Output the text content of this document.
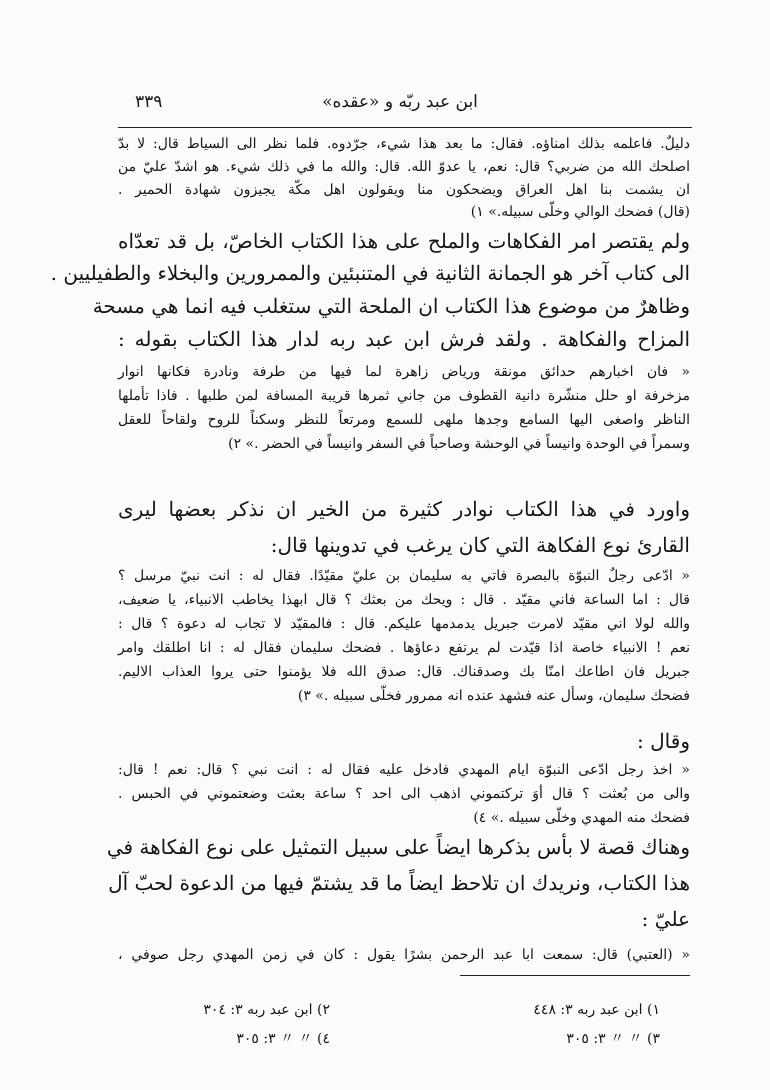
ابن عبد ربّه و «عقده»
٣٣٩
دليلٌ. فاعلمه بذلك امناؤه. فقال: ما بعد هذا شيء، جرّدوه. فلما نظر الى السياط قال: لا بدّ
اصلحك الله من ضربي؟ قال: نعم، يا عدوّ الله. قال: والله ما في ذلك شيء. هو اشدّ عليّ من
ان يشمت بنا اهل العراق ويضحكون منا ويقولون اهل مكّة يجيزون شهادة الحمير .
(قال) فضحك الوالي وخلّى سبيله.» ١)
ولم يقتصر امر الفكاهات والملح على هذا الكتاب الخاصّ، بل قد تعدّاه
الى كتاب آخر هو الجمانة الثانية في المتنبئين والممرورين والبخلاء والطفيليين .
وظاهرٌ من موضوع هذا الكتاب ان الملحة التي ستغلب فيه انما هي مسحة
المزاح والفكاهة . ولقد فرش ابن عبد ربه لدار هذا الكتاب بقوله :
« فان اخبارهم حدائق مونقة ورياض زاهرة لما فيها من طرفة ونادرة فكانها انوار
مزخرفة او حلل منشّرة دانية القطوف من جاني ثمرها قريبة المسافة لمن طلبها . فاذا تأملها
الناظر واصغى اليها السامع وجدها ملهى للسمع ومرتعاً للنظر وسكناً للروح ولقاحاً للعقل
وسمراً في الوحدة وانيساً في الوحشة وصاحباً في السفر وانيساً في الحضر .» ٢)
واورد في هذا الكتاب نوادر كثيرة من الخير ان نذكر بعضها ليرى
القارئ نوع الفكاهة التي كان يرغب في تدوينها قال:
« ادّعى رجلٌ النبوّة بالبصرة فاتي به سليمان بن عليّ مقيّدًا. فقال له : انت نبيّ مرسل ؟
قال : اما الساعة فاني مقيّد . قال : ويحك من بعثك ؟ قال ابهذا يخاطب الانبياء، يا ضعيف،
والله لولا اني مقيّد لامرت جبريل يدمدمها عليكم. قال : فالمقيّد لا تجاب له دعوة ؟ قال :
نعم ! الانبياء خاصة اذا قيّدت لم يرتفع دعاؤها . فضحك سليمان فقال له : انا اطلقك وامر
جبريل فان اطاعك امنّا بك وصدقناك. قال: صدق الله فلا يؤمنوا حتى يروا العذاب الاليم.
فضحك سليمان، وسأل عنه فشهد عنده انه ممرور فخلّى سبيله .» ٣)
وقال :
« اخذ رجل ادّعى النبوّة ايام المهدي فادخل عليه فقال له : انت نبي ؟ قال: نعم ! قال:
والى من بُعثت ؟ قال أوَ تركتموني اذهب الى احد ؟ ساعة بعثت وضعتموني في الحبس .
فضحك منه المهدي وخلّى سبيله .» ٤)
وهناك قصة لا بأس بذكرها ايضاً على سبيل التمثيل على نوع الفكاهة في
هذا الكتاب، ونريدك ان تلاحظ ايضاً ما قد يشتمّ فيها من الدعوة لحبّ آل
عليّ :
« (العتبي) قال: سمعت ابا عبد الرحمن بشرًا يقول : كان في زمن المهدي رجل صوفي ،
١) ابن عبد ربه ٣: ٤٤٨
٢) ابن عبد ربه ٣: ٣٠٤
٣) 〃 〃 ٣: ٣٠٥
٤) 〃 〃 ٣: ٣٠٥
